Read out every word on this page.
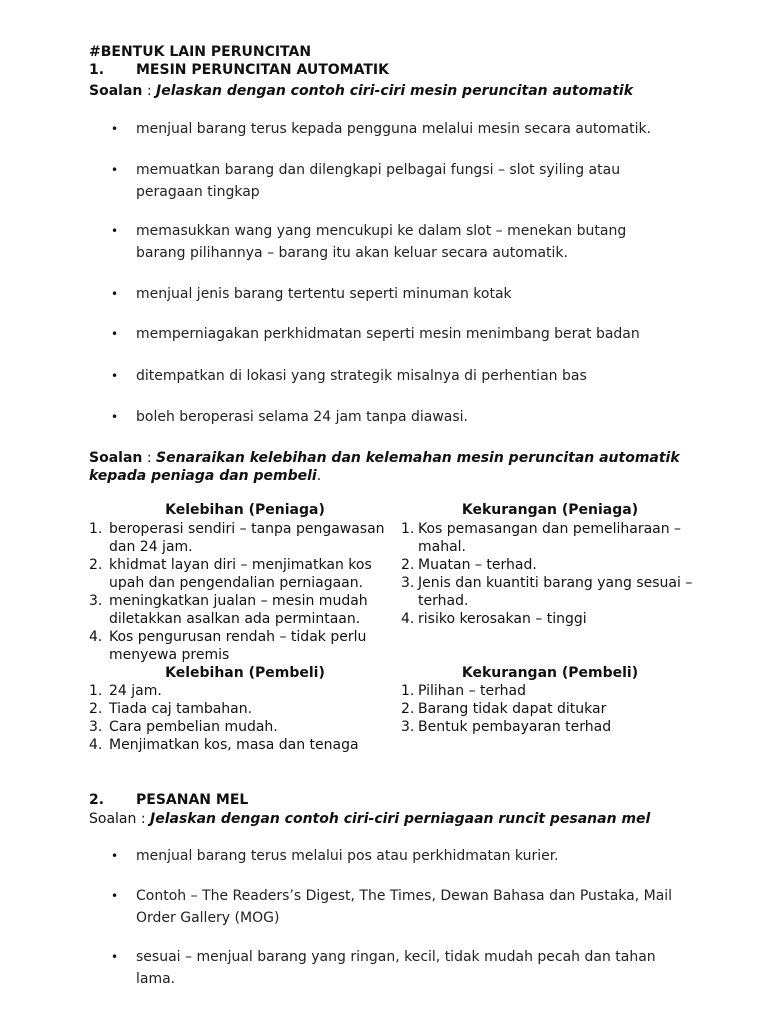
#BENTUK LAIN PERUNCITAN
1. MESIN PERUNCITAN AUTOMATIK
Soalan : Jelaskan dengan contoh ciri-ciri mesin peruncitan automatik
• menjual barang terus kepada pengguna melalui mesin secara automatik.
• memuatkan barang dan dilengkapi pelbagai fungsi – slot syiling atau peragaan tingkap
• memasukkan wang yang mencukupi ke dalam slot – menekan butang barang pilihannya – barang itu akan keluar secara automatik.
• menjual jenis barang tertentu seperti minuman kotak
• memperniagakan perkhidmatan seperti mesin menimbang berat badan
• ditempatkan di lokasi yang strategik misalnya di perhentian bas
• boleh beroperasi selama 24 jam tanpa diawasi.
Soalan : Senaraikan kelebihan dan kelemahan mesin peruncitan automatik kepada peniaga dan pembeli.
Kelebihan (Peniaga)	Kekurangan (Peniaga)
1. beroperasi sendiri – tanpa pengawasan dan 24 jam.
2. khidmat layan diri – menjimatkan kos upah dan pengendalian perniagaan.
3. meningkatkan jualan – mesin mudah diletakkan asalkan ada permintaan.
4. Kos pengurusan rendah – tidak perlu menyewa premis
1. Kos pemasangan dan pemeliharaan – mahal.
2. Muatan – terhad.
3. Jenis dan kuantiti barang yang sesuai – terhad.
4. risiko kerosakan – tinggi
Kelebihan (Pembeli)	Kekurangan (Pembeli)
1. 24 jam.
2. Tiada caj tambahan.
3. Cara pembelian mudah.
4. Menjimatkan kos, masa dan tenaga
1. Pilihan – terhad
2. Barang tidak dapat ditukar
3. Bentuk pembayaran terhad
2. PESANAN MEL
Soalan : Jelaskan dengan contoh ciri-ciri perniagaan runcit pesanan mel
• menjual barang terus melalui pos atau perkhidmatan kurier.
• Contoh – The Readers’s Digest, The Times, Dewan Bahasa dan Pustaka, Mail Order Gallery (MOG)
• sesuai – menjual barang yang ringan, kecil, tidak mudah pecah dan tahan lama.
